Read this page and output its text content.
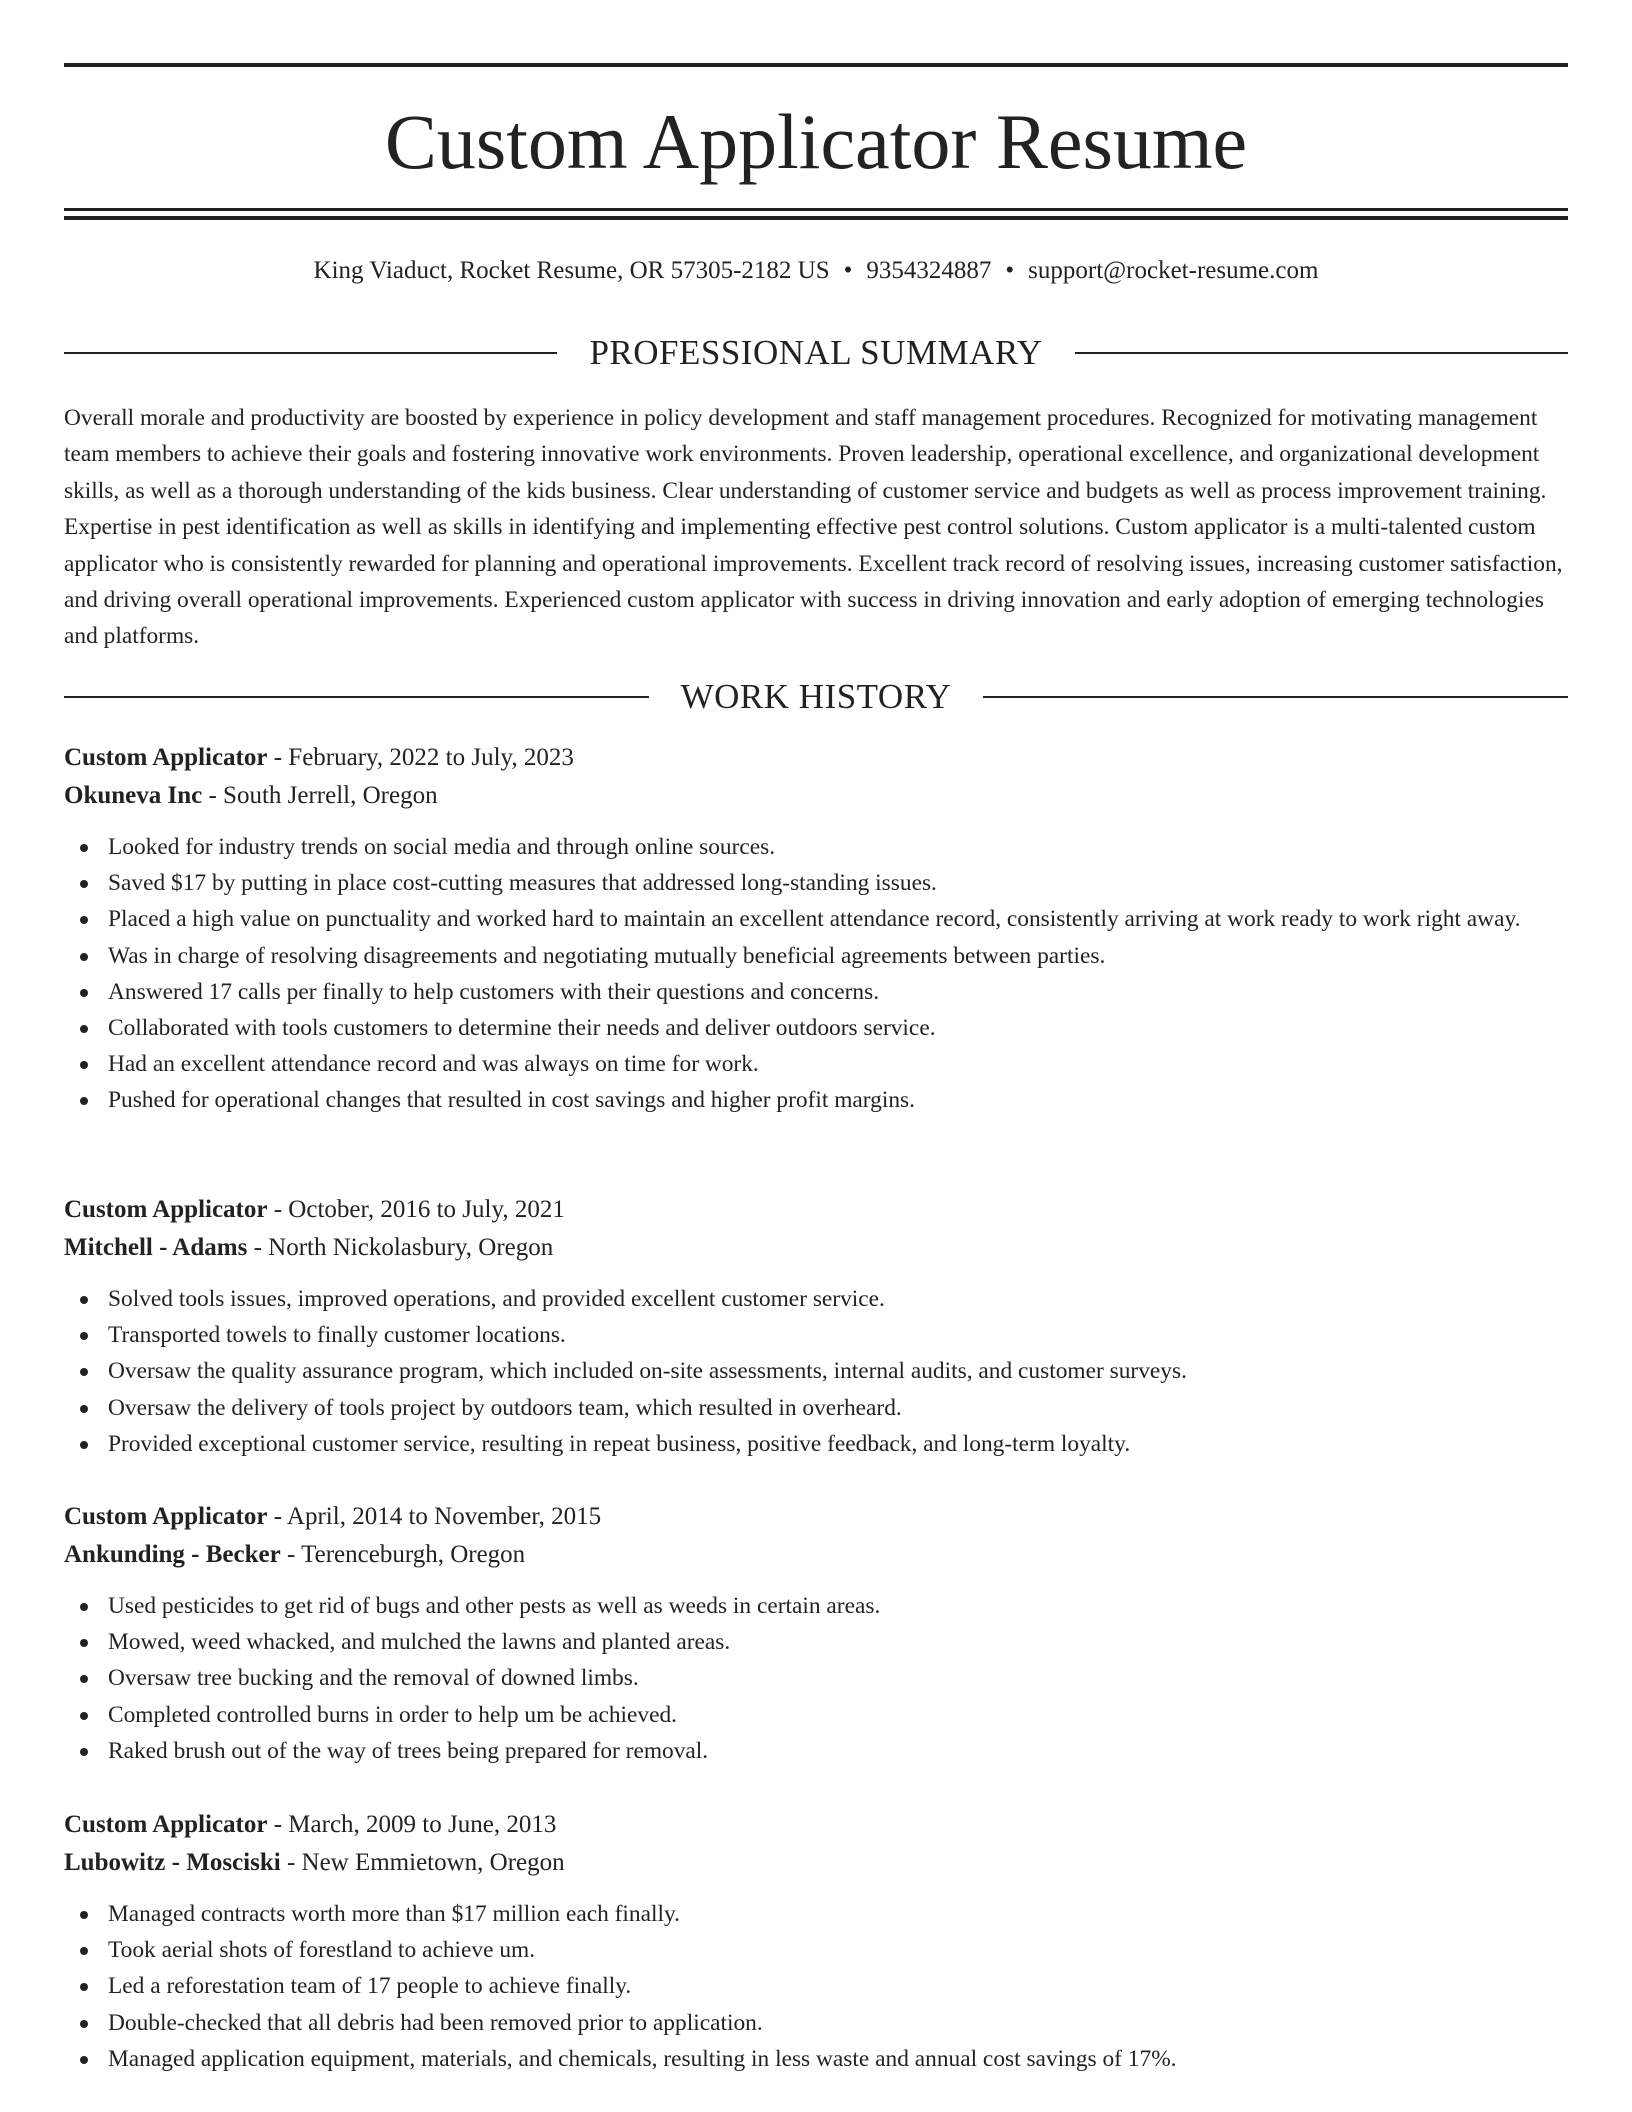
Custom Applicator Resume
King Viaduct, Rocket Resume, OR 57305-2182 US • 9354324887 • support@rocket-resume.com
PROFESSIONAL SUMMARY

Overall morale and productivity are boosted by experience in policy development and staff management procedures. Recognized for motivating management team members to achieve their goals and fostering innovative work environments. Proven leadership, operational excellence, and organizational development skills, as well as a thorough understanding of the kids business. Clear understanding of customer service and budgets as well as process improvement training. Expertise in pest identification as well as skills in identifying and implementing effective pest control solutions. Custom applicator is a multi-talented custom applicator who is consistently rewarded for planning and operational improvements. Excellent track record of resolving issues, increasing customer satisfaction, and driving overall operational improvements. Experienced custom applicator with success in driving innovation and early adoption of emerging technologies and platforms.

WORK HISTORY

Custom Applicator - February, 2022 to July, 2023

Okuneva Inc - South Jerrell, Oregon

Looked for industry trends on social media and through online sources.
Saved $17 by putting in place cost-cutting measures that addressed long-standing issues.
Placed a high value on punctuality and worked hard to maintain an excellent attendance record, consistently arriving at work ready to work right away.
Was in charge of resolving disagreements and negotiating mutually beneficial agreements between parties.
Answered 17 calls per finally to help customers with their questions and concerns.
Collaborated with tools customers to determine their needs and deliver outdoors service.
Had an excellent attendance record and was always on time for work.
Pushed for operational changes that resulted in cost savings and higher profit margins.

Custom Applicator - October, 2016 to July, 2021

Mitchell - Adams - North Nickolasbury, Oregon

Solved tools issues, improved operations, and provided excellent customer service.
Transported towels to finally customer locations.
Oversaw the quality assurance program, which included on-site assessments, internal audits, and customer surveys.
Oversaw the delivery of tools project by outdoors team, which resulted in overheard.
Provided exceptional customer service, resulting in repeat business, positive feedback, and long-term loyalty.

Custom Applicator - April, 2014 to November, 2015

Ankunding - Becker - Terenceburgh, Oregon

Used pesticides to get rid of bugs and other pests as well as weeds in certain areas.
Mowed, weed whacked, and mulched the lawns and planted areas.
Oversaw tree bucking and the removal of downed limbs.
Completed controlled burns in order to help um be achieved.
Raked brush out of the way of trees being prepared for removal.

Custom Applicator - March, 2009 to June, 2013

Lubowitz - Mosciski - New Emmietown, Oregon

Managed contracts worth more than $17 million each finally.
Took aerial shots of forestland to achieve um.
Led a reforestation team of 17 people to achieve finally.
Double-checked that all debris had been removed prior to application.
Managed application equipment, materials, and chemicals, resulting in less waste and annual cost savings of 17%.
